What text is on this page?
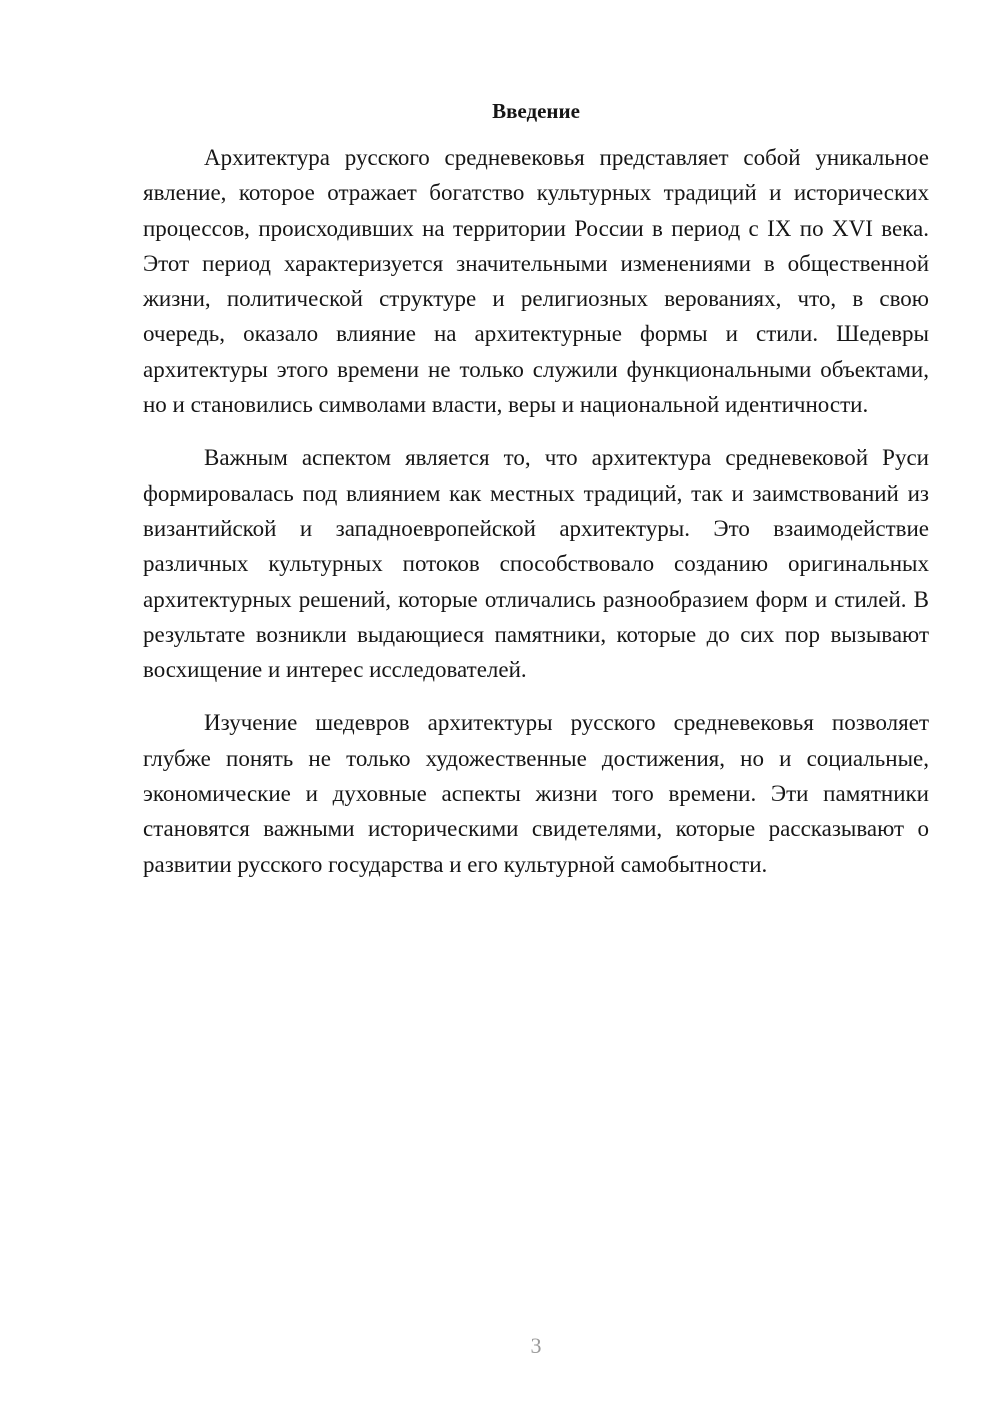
Введение

Архитектура русского средневековья представляет собой уникальное явление, которое отражает богатство культурных традиций и исторических процессов, происходивших на территории России в период с IX по XVI века. Этот период характеризуется значительными изменениями в общественной жизни, политической структуре и религиозных верованиях, что, в свою очередь, оказало влияние на архитектурные формы и стили. Шедевры архитектуры этого времени не только служили функциональными объектами, но и становились символами власти, веры и национальной идентичности.

Важным аспектом является то, что архитектура средневековой Руси формировалась под влиянием как местных традиций, так и заимствований из византийской и западноевропейской архитектуры. Это взаимодействие различных культурных потоков способствовало созданию оригинальных архитектурных решений, которые отличались разнообразием форм и стилей. В результате возникли выдающиеся памятники, которые до сих пор вызывают восхищение и интерес исследователей.

Изучение шедевров архитектуры русского средневековья позволяет глубже понять не только художественные достижения, но и социальные, экономические и духовные аспекты жизни того времени. Эти памятники становятся важными историческими свидетелями, которые рассказывают о развитии русского государства и его культурной самобытности.

3
